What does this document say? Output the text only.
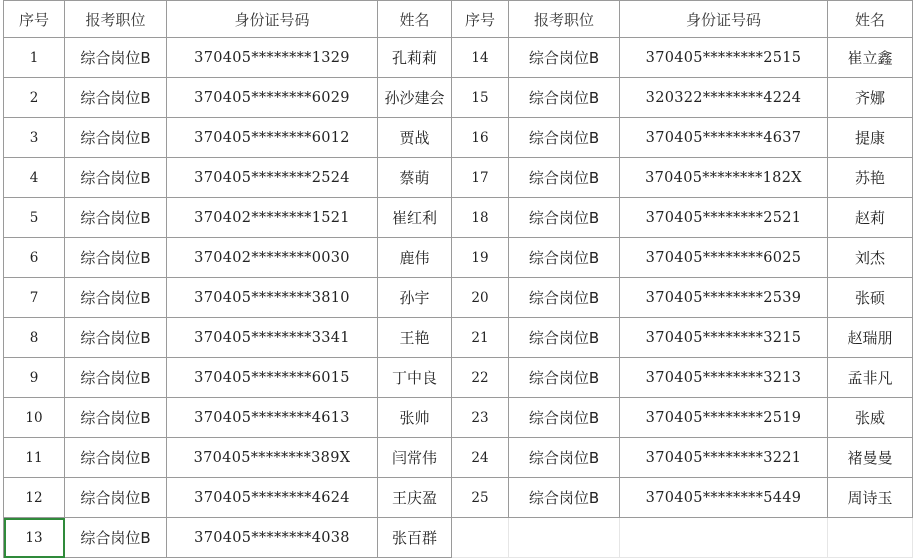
序号	报考职位	身份证号码	姓名	序号	报考职位	身份证号码	姓名
1	综合岗位B	370405********1329	孔莉莉	14	综合岗位B	370405********2515	崔立鑫
2	综合岗位B	370405********6029	孙沙建会	15	综合岗位B	320322********4224	齐娜
3	综合岗位B	370405********6012	贾战	16	综合岗位B	370405********4637	提康
4	综合岗位B	370405********2524	蔡萌	17	综合岗位B	370405********182X	苏艳
5	综合岗位B	370402********1521	崔红利	18	综合岗位B	370405********2521	赵莉
6	综合岗位B	370402********0030	鹿伟	19	综合岗位B	370405********6025	刘杰
7	综合岗位B	370405********3810	孙宇	20	综合岗位B	370405********2539	张硕
8	综合岗位B	370405********3341	王艳	21	综合岗位B	370405********3215	赵瑞朋
9	综合岗位B	370405********6015	丁中良	22	综合岗位B	370405********3213	孟非凡
10	综合岗位B	370405********4613	张帅	23	综合岗位B	370405********2519	张威
11	综合岗位B	370405********389X	闫常伟	24	综合岗位B	370405********3221	褚曼曼
12	综合岗位B	370405********4624	王庆盈	25	综合岗位B	370405********5449	周诗玉
13	综合岗位B	370405********4038	张百群				
